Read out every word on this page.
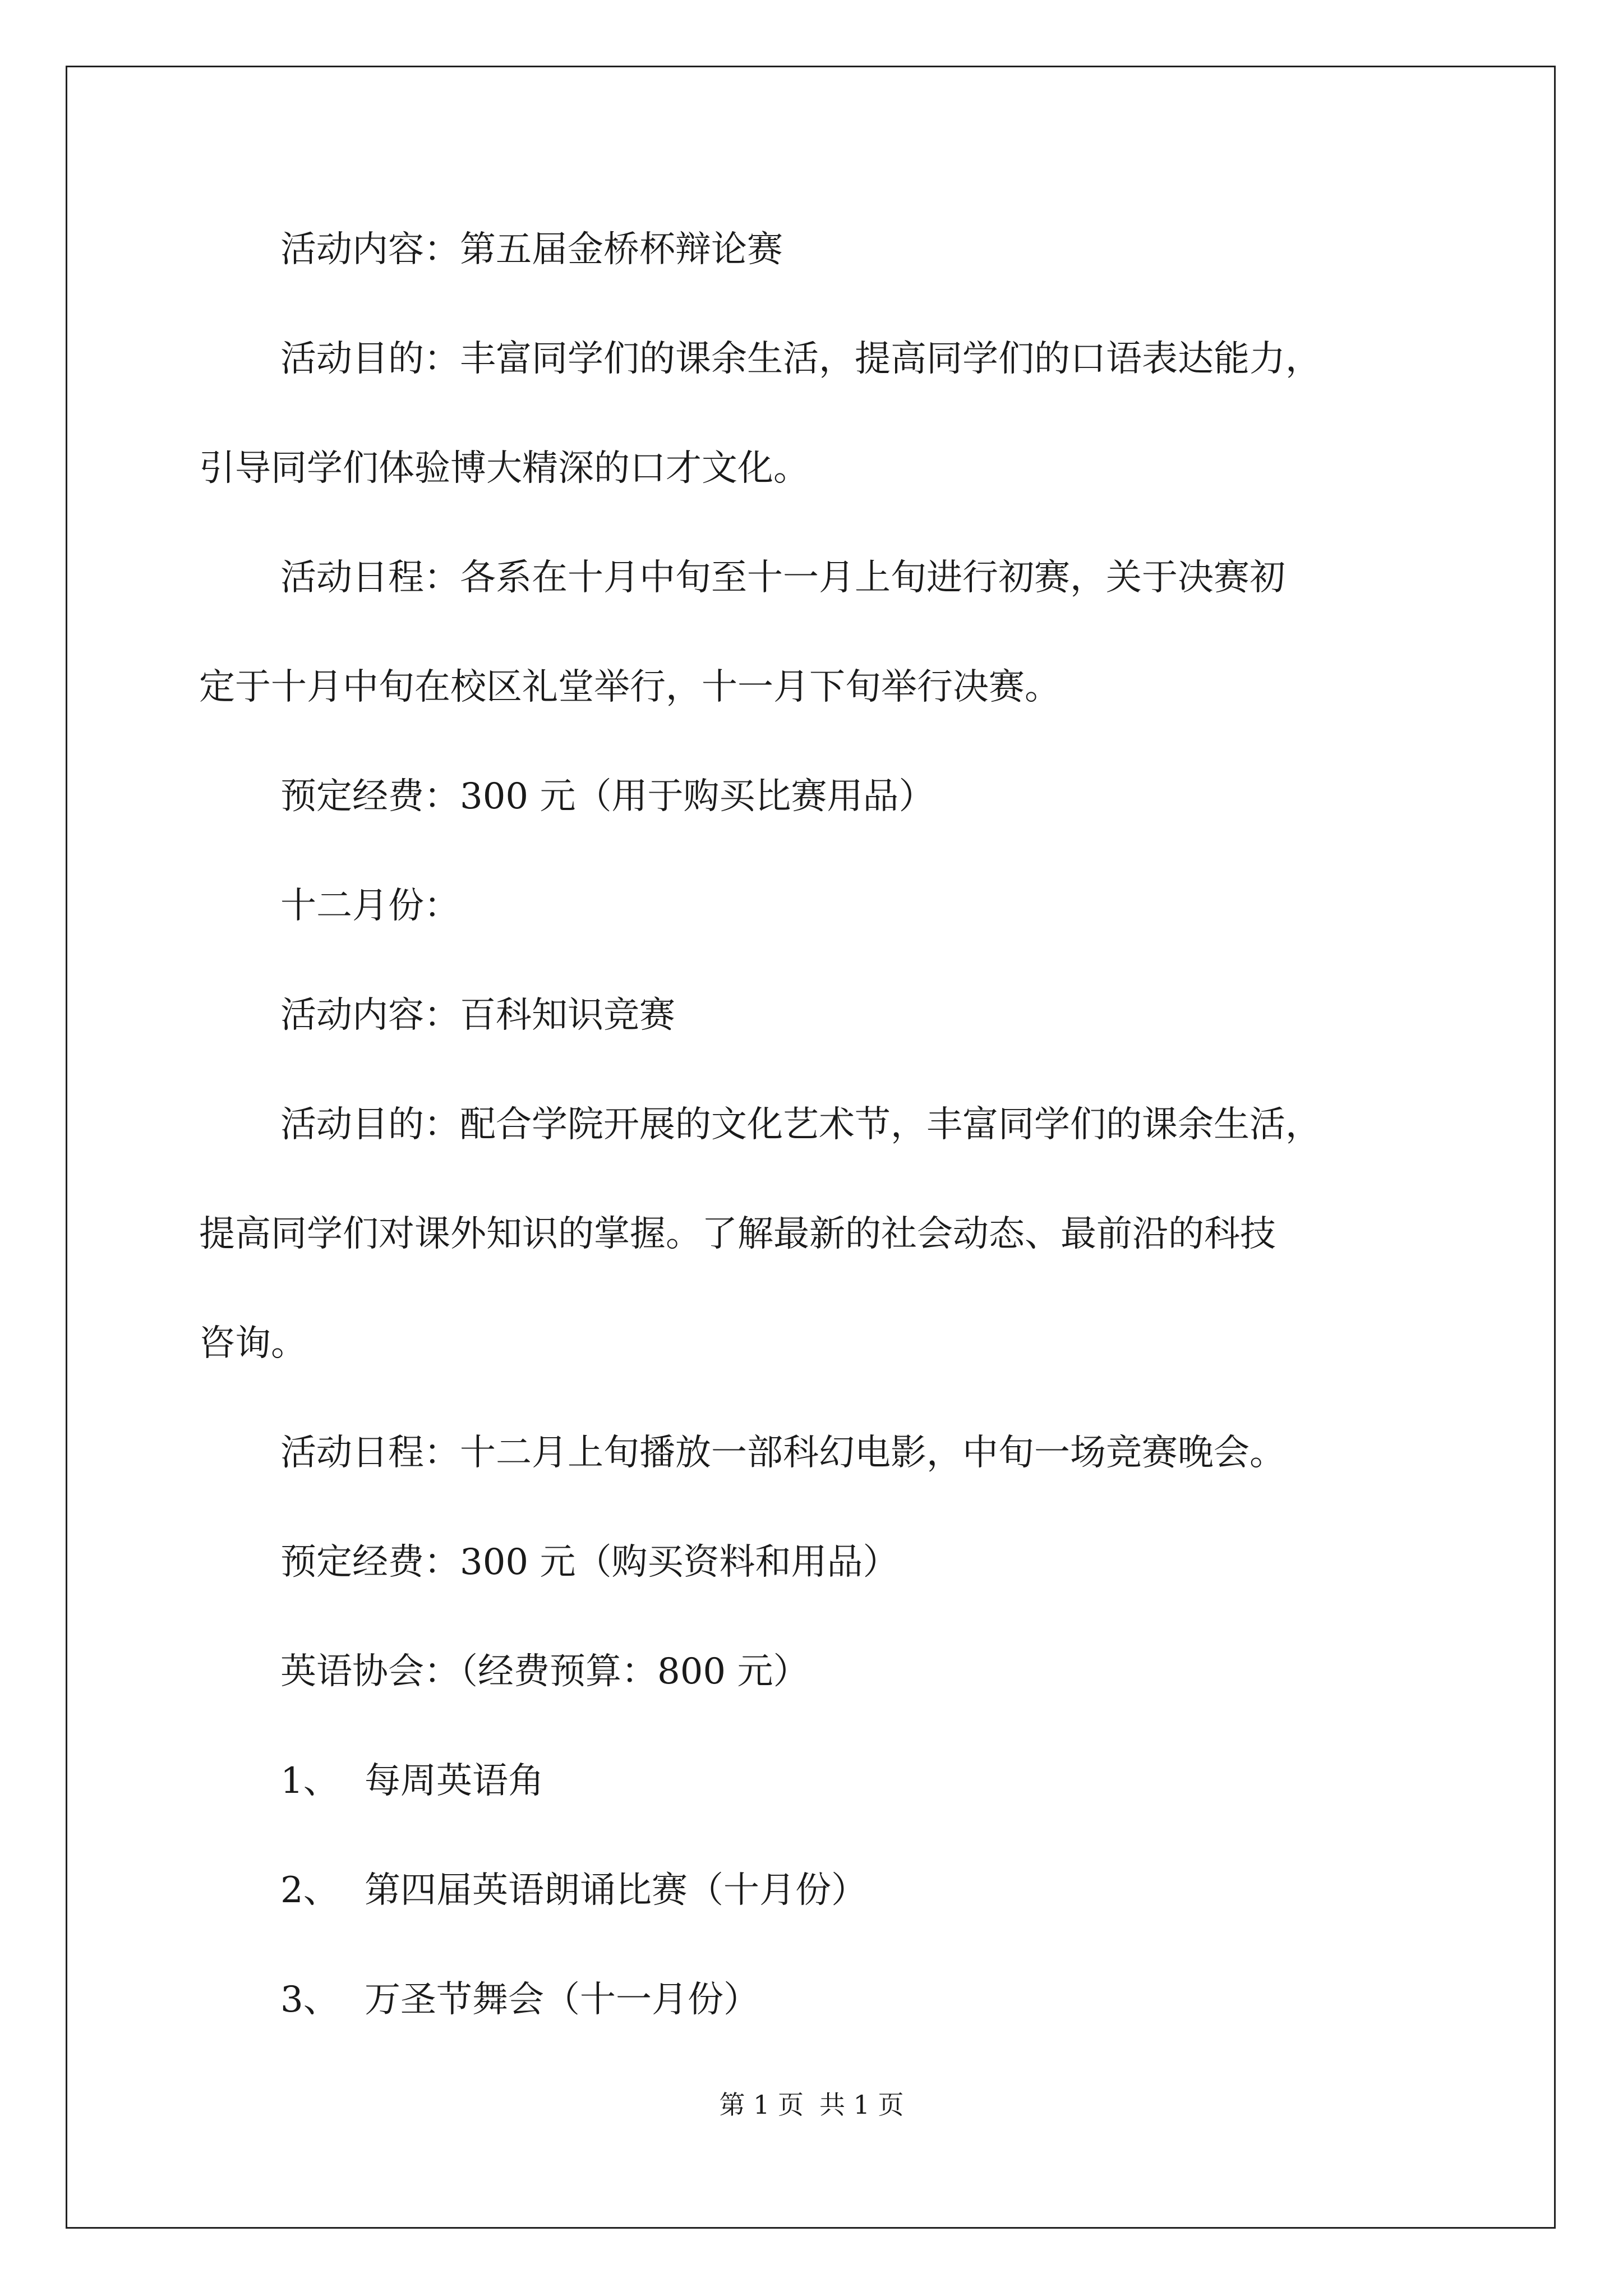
活动内容：第五届金桥杯辩论赛

活动目的：丰富同学们的课余生活，提高同学们的口语表达能力，

引导同学们体验博大精深的口才文化。

活动日程：各系在十月中旬至十一月上旬进行初赛，关于决赛初

定于十月中旬在校区礼堂举行，十一月下旬举行决赛。

预定经费：300 元（用于购买比赛用品）

十二月份：

活动内容：百科知识竞赛

活动目的：配合学院开展的文化艺术节，丰富同学们的课余生活，

提高同学们对课外知识的掌握。了解最新的社会动态、最前沿的科技

咨询。

活动日程：十二月上旬播放一部科幻电影，中旬一场竞赛晚会。

预定经费：300 元（购买资料和用品）

英语协会：（经费预算：800 元）

1、 每周英语角

2、 第四届英语朗诵比赛（十月份）

3、 万圣节舞会（十一月份）

第 1 页 共 1 页
